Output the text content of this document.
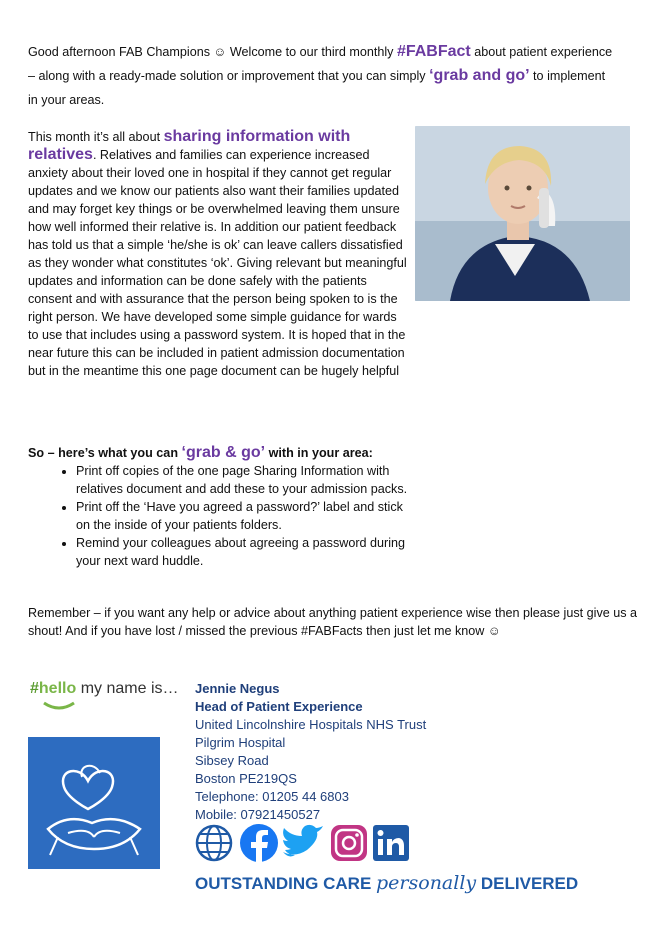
Good afternoon FAB Champions ☺ Welcome to our third monthly #FABFact about patient experience – along with a ready-made solution or improvement that you can simply ‘grab and go’ to implement in your areas.
This month it’s all about sharing information with relatives. Relatives and families can experience increased anxiety about their loved one in hospital if they cannot get regular updates and we know our patients also want their families updated and may forget key things or be overwhelmed leaving them unsure how well informed their relative is. In addition our patient feedback has told us that a simple ‘he/she is ok’ can leave callers dissatisfied as they wonder what constitutes ‘ok’. Giving relevant but meaningful updates and information can be done safely with the patients consent and with assurance that the person being spoken to is the right person. We have developed some simple guidance for wards to use that includes using a password system. It is hoped that in the near future this can be included in patient admission documentation but in the meantime this one page document can be hugely helpful
So – here’s what you can ‘grab & go’ with in your area:
• Print off copies of the one page Sharing Information with relatives document and add these to your admission packs.
• Print off the ‘Have you agreed a password?’ label and stick on the inside of your patients folders.
• Remind your colleagues about agreeing a password during your next ward huddle.
Remember – if you want any help or advice about anything patient experience wise then please just give us a shout! And if you have lost / missed the previous #FABFacts then just let me know ☺
#hello my name is… Jennie Negus
Head of Patient Experience
United Lincolnshire Hospitals NHS Trust
Pilgrim Hospital
Sibsey Road
Boston PE219QS
Telephone: 01205 44 6803
Mobile: 07921450527
OUTSTANDING CARE personally DELIVERED
